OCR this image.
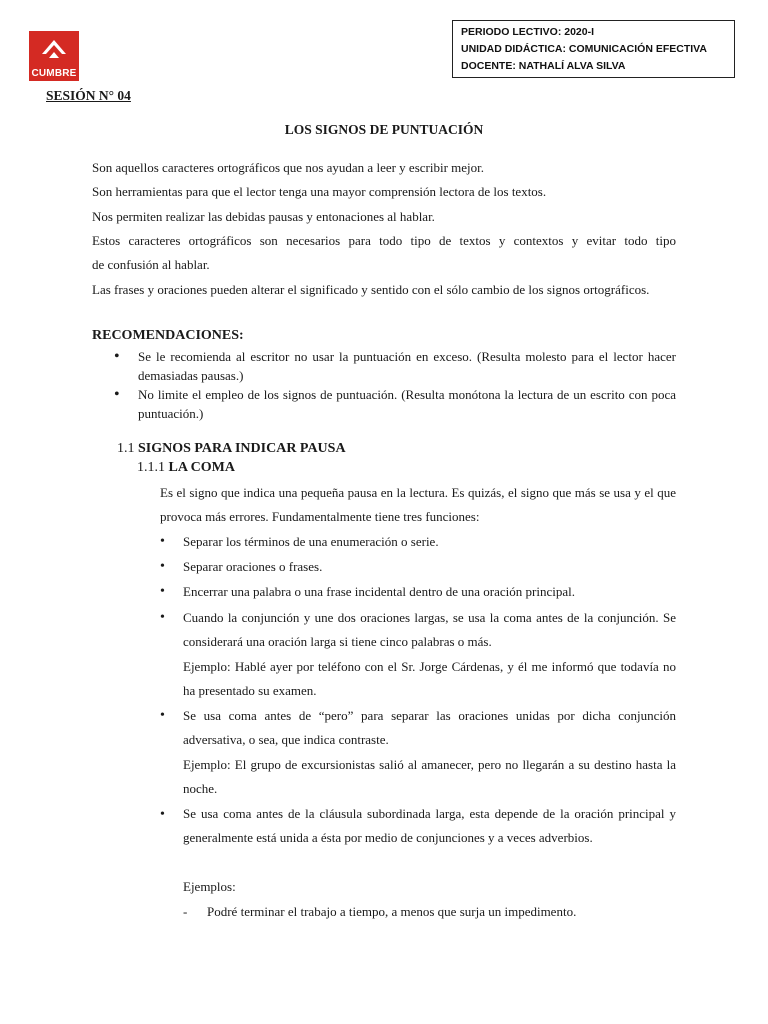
CUMBRE
PERIODO LECTIVO: 2020-I
UNIDAD DIDÁCTICA: COMUNICACIÓN EFECTIVA
DOCENTE: NATHALÍ ALVA SILVA
SESIÓN N° 04
LOS SIGNOS DE PUNTUACIÓN
Son aquellos caracteres ortográficos que nos ayudan a leer y escribir mejor.
Son herramientas para que el lector tenga una mayor comprensión lectora de los textos.
Nos permiten realizar las debidas pausas y entonaciones al hablar.
Estos caracteres ortográficos son necesarios para todo tipo de textos y contextos y evitar todo tipo
de confusión al hablar.
Las frases y oraciones pueden alterar el significado y sentido con el sólo cambio de los signos ortográficos.
RECOMENDACIONES:
• Se le recomienda al escritor no usar la puntuación en exceso. (Resulta molesto para el lector hacer demasiadas pausas.)
• No limite el empleo de los signos de puntuación. (Resulta monótona la lectura de un escrito con poca puntuación.)
1.1 SIGNOS PARA INDICAR PAUSA
1.1.1 LA COMA
Es el signo que indica una pequeña pausa en la lectura. Es quizás, el signo que más se usa y el que provoca más errores. Fundamentalmente tiene tres funciones:
• Separar los términos de una enumeración o serie.
• Separar oraciones o frases.
• Encerrar una palabra o una frase incidental dentro de una oración principal.
• Cuando la conjunción y une dos oraciones largas, se usa la coma antes de la conjunción. Se considerará una oración larga si tiene cinco palabras o más.
Ejemplo: Hablé ayer por teléfono con el Sr. Jorge Cárdenas, y él me informó que todavía no ha presentado su examen.
• Se usa coma antes de “pero” para separar las oraciones unidas por dicha conjunción adversativa, o sea, que indica contraste.
Ejemplo: El grupo de excursionistas salió al amanecer, pero no llegarán a su destino hasta la noche.
• Se usa coma antes de la cláusula subordinada larga, esta depende de la oración principal y generalmente está unida a ésta por medio de conjunciones y a veces adverbios.
Ejemplos:
- Podré terminar el trabajo a tiempo, a menos que surja un impedimento.
